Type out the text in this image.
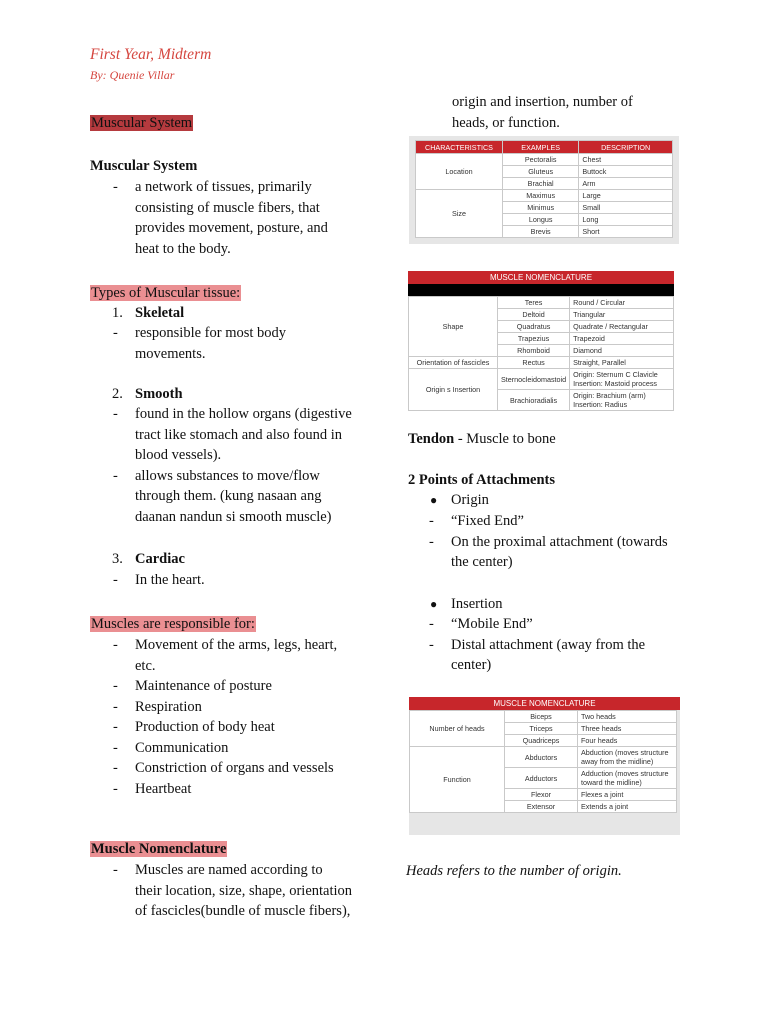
First Year, Midterm
By: Quenie Villar
Muscular System
Muscular System
- a network of tissues, primarily
consisting of muscle fibers, that
provides movement, posture, and
heat to the body.
Types of Muscular tissue:
1. Skeletal
- responsible for most body
movements.
2. Smooth
- found in the hollow organs (digestive
tract like stomach and also found in
blood vessels).
- allows substances to move/flow
through them. (kung nasaan ang
daanan nandun si smooth muscle)
3. Cardiac
- In the heart.
Muscles are responsible for:
- Movement of the arms, legs, heart,
etc.
- Maintenance of posture
- Respiration
- Production of body heat
- Communication
- Constriction of organs and vessels
- Heartbeat
Muscle Nomenclature
- Muscles are named according to
their location, size, shape, orientation
of fascicles(bundle of muscle fibers),
origin and insertion, number of
heads, or function.
CHARACTERISTICS	EXAMPLES	DESCRIPTION
Location	Pectoralis	Chest
	Gluteus	Buttock
	Brachial	Arm
Size	Maximus	Large
	Minimus	Small
	Longus	Long
	Brevis	Short
MUSCLE NOMENCLATURE
Shape	Teres	Round / Circular
	Deltoid	Triangular
	Quadratus	Quadrate / Rectangular
	Trapezius	Trapezoid
	Rhomboid	Diamond
Orientation of fascicles	Rectus	Straight, Parallel
Origin s Insertion	Sternocleidomastoid	Origin: Sternum C Clavicle
Insertion: Mastoid process
	Brachioradialis	Origin: Brachium (arm)
Insertion: Radius
Tendon - Muscle to bone
2 Points of Attachments
● Origin
- “Fixed End”
- On the proximal attachment (towards
the center)
● Insertion
- “Mobile End”
- Distal attachment (away from the
center)
MUSCLE NOMENCLATURE
Number of heads	Biceps	Two heads
	Triceps	Three heads
	Quadriceps	Four heads
Function	Abductors	Abduction (moves structure
away from the midline)
	Adductors	Adduction (moves structure
toward the midline)
	Flexor	Flexes a joint
	Extensor	Extends a joint
Heads refers to the number of origin.
